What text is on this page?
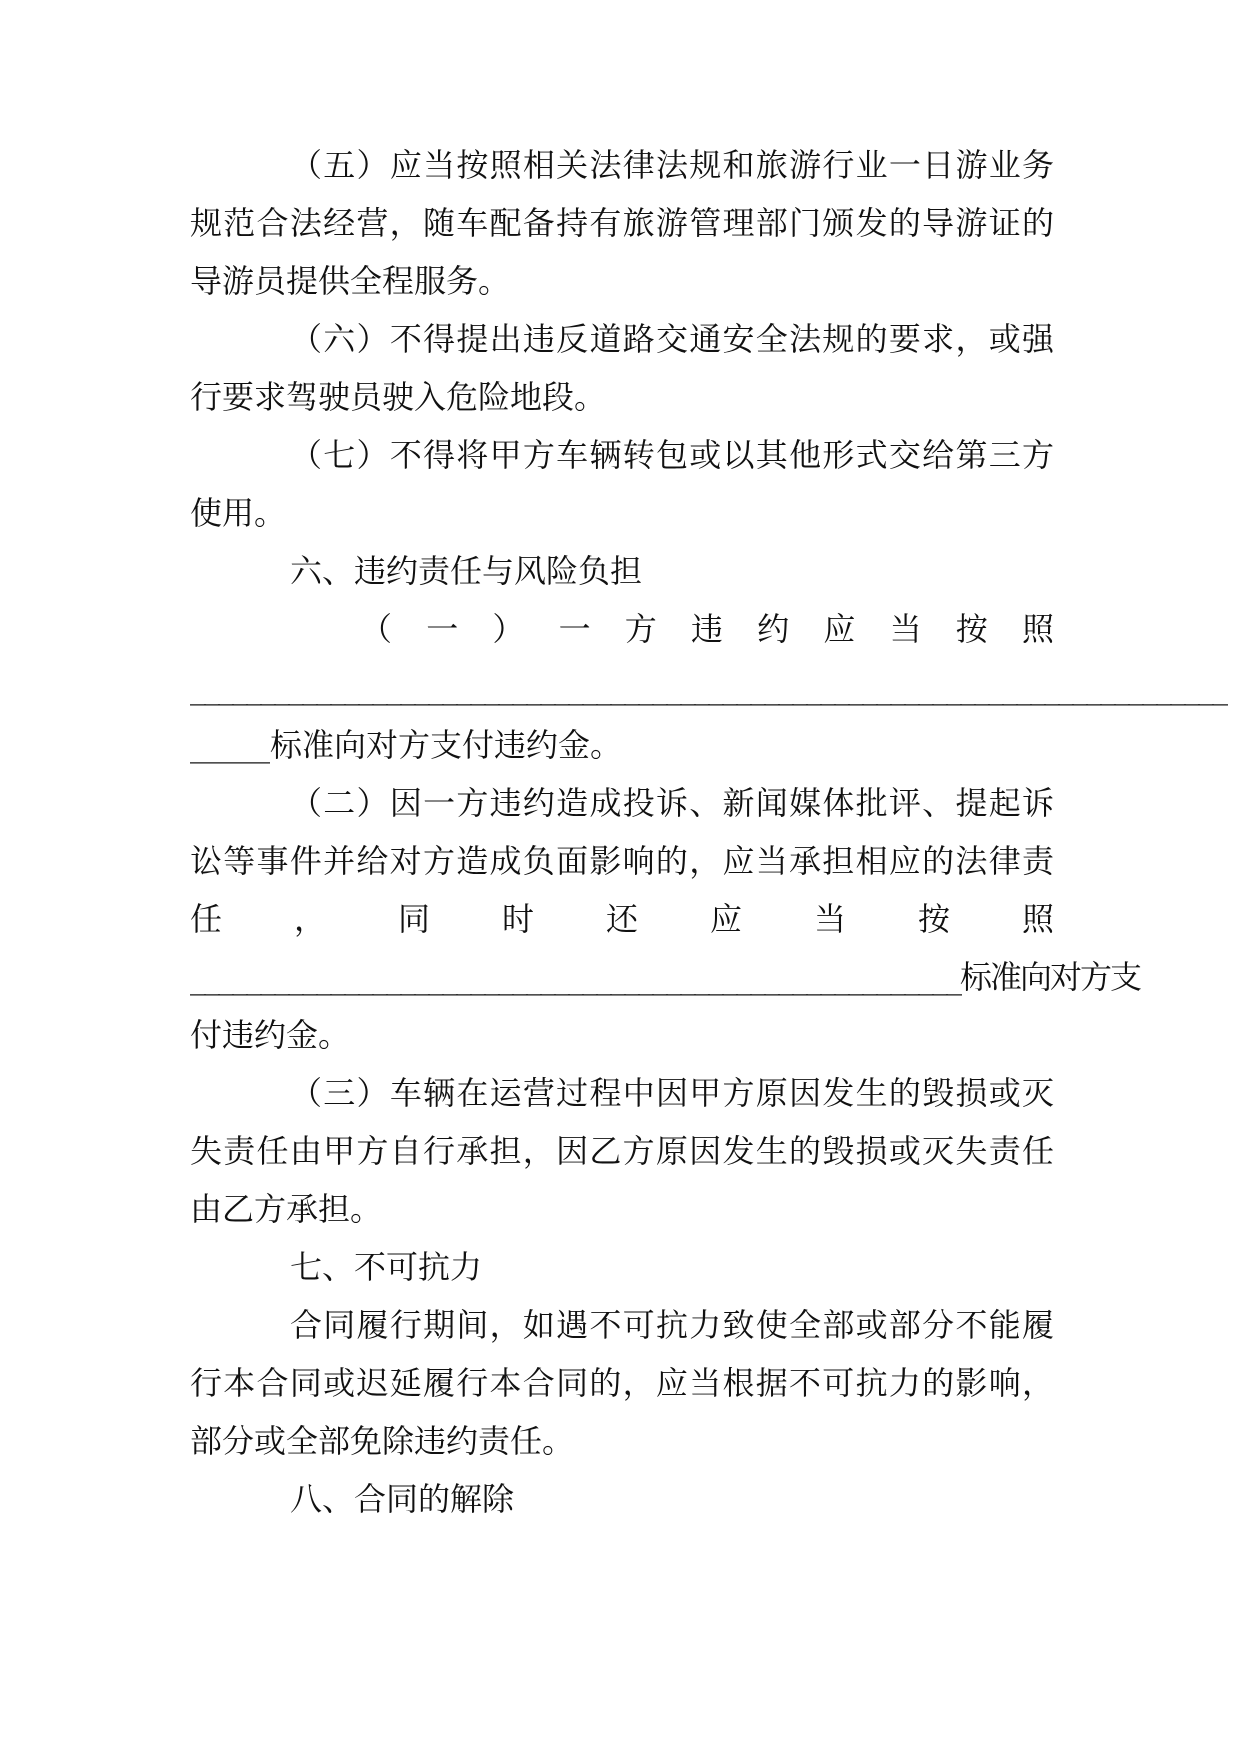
（五）应当按照相关法律法规和旅游行业一日游业务
规范合法经营，随车配备持有旅游管理部门颁发的导游证的
导游员提供全程服务。
（六）不得提出违反道路交通安全法规的要求，或强
行要求驾驶员驶入危险地段。
（七）不得将甲方车辆转包或以其他形式交给第三方
使用。
六、违约责任与风险负担
（ 一 ） 一 方 违 约 应 当 按 照
__________________________________________________________________________
_____标准向对方支付违约金。
（二）因一方违约造成投诉、新闻媒体批评、提起诉
讼等事件并给对方造成负面影响的，应当承担相应的法律责
任 ， 同 时 还 应 当 按 照
_______________________________________________________标准向对方支
付违约金。
（三）车辆在运营过程中因甲方原因发生的毁损或灭
失责任由甲方自行承担，因乙方原因发生的毁损或灭失责任
由乙方承担。
七、不可抗力
合同履行期间，如遇不可抗力致使全部或部分不能履
行本合同或迟延履行本合同的，应当根据不可抗力的影响，
部分或全部免除违约责任。
八、合同的解除
